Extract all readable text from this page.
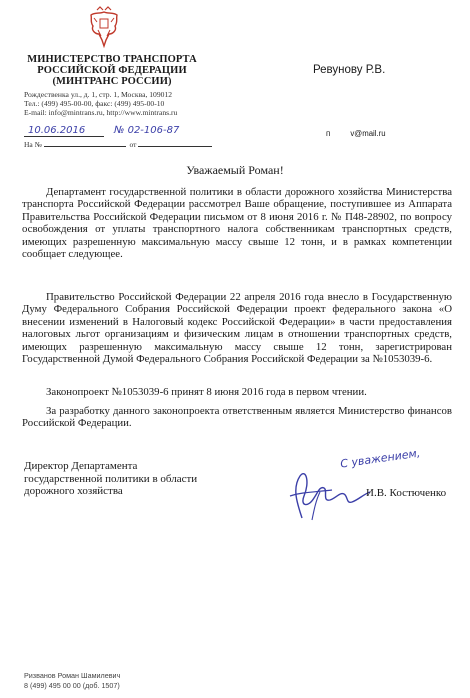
МИНИСТЕРСТВО ТРАНСПОРТА
РОССИЙСКОЙ ФЕДЕРАЦИИ
(МИНТРАНС РОССИИ)
Рождественка ул., д. 1, стр. 1, Москва, 109012
Тел.: (499) 495-00-00, факс: (499) 495-00-10
E-mail: info@mintrans.ru, http://www.mintrans.ru
10.06.2016	№ 02-106-87
На №	от
Ревунову Р.В.
п	v@mail.ru
Уважаемый Роман!
Департамент государственной политики в области дорожного хозяйства Министерства транспорта Российской Федерации рассмотрел Ваше обращение, поступившее из Аппарата Правительства Российской Федерации письмом от 8 июня 2016 г. № П48-28902, по вопросу освобождения от уплаты транспортного налога собственникам транспортных средств, имеющих разрешенную максимальную массу свыше 12 тонн, и в рамках компетенции сообщает следующее.
Правительство Российской Федерации 22 апреля 2016 года внесло в Государственную Думу Федерального Собрания Российской Федерации проект федерального закона «О внесении изменений в Налоговый кодекс Российской Федерации» в части предоставления налоговых льгот организациям и физическим лицам в отношении транспортных средств, имеющих разрешенную максимальную массу свыше 12 тонн, зарегистрирован Государственной Думой Федерального Собрания Российской Федерации за №1053039-6.
Законопроект №1053039-6 принят 8 июня 2016 года в первом чтении.
За разработку данного законопроекта ответственным является Министерство финансов Российской Федерации.
Директор Департамента
государственной политики в области
дорожного хозяйства
С уважением,
И.В. Костюченко
Ризванов Роман Шамилевич
8 (499) 495 00 00 (доб. 1507)
